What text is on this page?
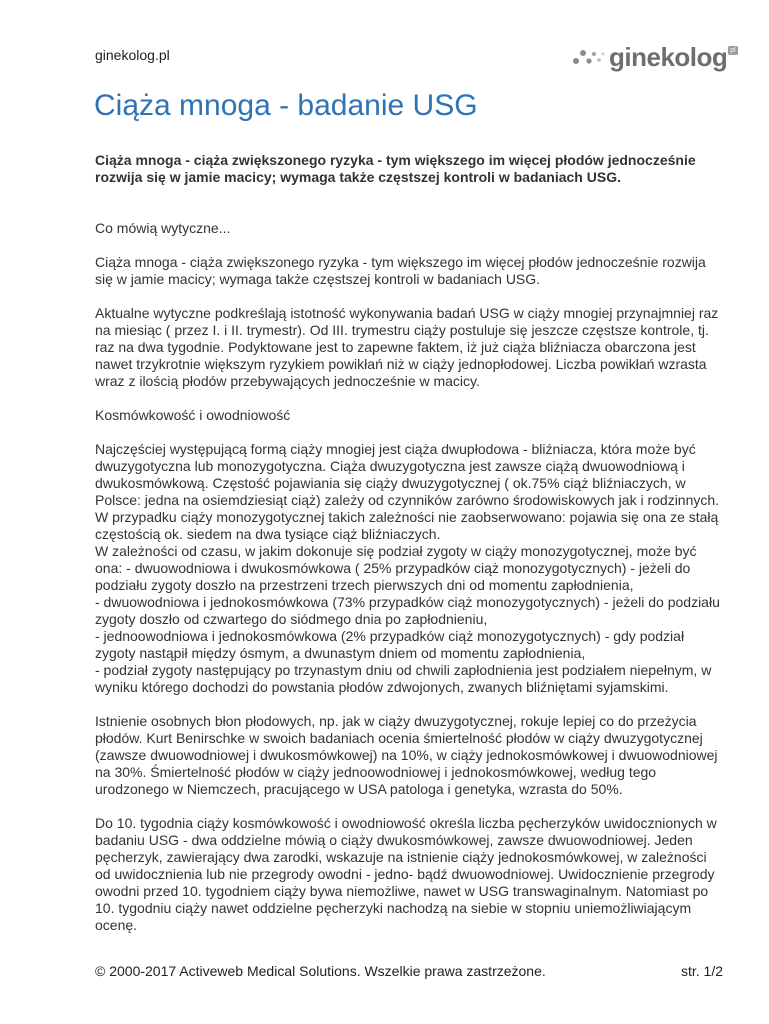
ginekolog.pl	ginekolog pl
Ciąża mnoga - badanie USG

Ciąża mnoga - ciąża zwiększonego ryzyka - tym większego im więcej płodów jednocześnie rozwija się w jamie macicy; wymaga także częstszej kontroli w badaniach USG.

Co mówią wytyczne...

Ciąża mnoga - ciąża zwiększonego ryzyka - tym większego im więcej płodów jednocześnie rozwija się w jamie macicy; wymaga także częstszej kontroli w badaniach USG.

Aktualne wytyczne podkreślają istotność wykonywania badań USG w ciąży mnogiej przynajmniej raz na miesiąc ( przez I. i II. trymestr). Od III. trymestru ciąży postuluje się jeszcze częstsze kontrole, tj. raz na dwa tygodnie. Podyktowane jest to zapewne faktem, iż już ciąża bliźniacza obarczona jest nawet trzykrotnie większym ryzykiem powikłań niż w ciąży jednopłodowej. Liczba powikłań wzrasta wraz z ilością płodów przebywających jednocześnie w macicy.

Kosmówkowość i owodniowość

Najczęściej występującą formą ciąży mnogiej jest ciąża dwupłodowa - bliźniacza, która może być dwuzygotyczna lub monozygotyczna. Ciąża dwuzygotyczna jest zawsze ciążą dwuowodniową i dwukosmówkową. Częstość pojawiania się ciąży dwuzygotycznej ( ok.75% ciąż bliźniaczych, w Polsce: jedna na osiemdziesiąt ciąż) zależy od czynników zarówno środowiskowych jak i rodzinnych. W przypadku ciąży monozygotycznej takich zależności nie zaobserwowano: pojawia się ona ze stałą częstością ok. siedem na dwa tysiące ciąż bliźniaczych.
W zależności od czasu, w jakim dokonuje się podział zygoty w ciąży monozygotycznej, może być ona: - dwuowodniowa i dwukosmówkowa ( 25% przypadków ciąż monozygotycznych) - jeżeli do podziału zygoty doszło na przestrzeni trzech pierwszych dni od momentu zapłodnienia,
- dwuowodniowa i jednokosmówkowa (73% przypadków ciąż monozygotycznych) - jeżeli do podziału zygoty doszło od czwartego do siódmego dnia po zapłodnieniu,
- jednoowodniowa i jednokosmówkowa (2% przypadków ciąż monozygotycznych) - gdy podział zygoty nastąpił między ósmym, a dwunastym dniem od momentu zapłodnienia,
- podział zygoty następujący po trzynastym dniu od chwili zapłodnienia jest podziałem niepełnym, w wyniku którego dochodzi do powstania płodów zdwojonych, zwanych bliźniętami syjamskimi.

Istnienie osobnych błon płodowych, np. jak w ciąży dwuzygotycznej, rokuje lepiej co do przeżycia płodów. Kurt Benirschke w swoich badaniach ocenia śmiertelność płodów w ciąży dwuzygotycznej (zawsze dwuowodniowej i dwukosmówkowej) na 10%, w ciąży jednokosmówkowej i dwuowodniowej na 30%. Śmiertelność płodów w ciąży jednoowodniowej i jednokosmówkowej, według tego urodzonego w Niemczech, pracującego w USA patologa i genetyka, wzrasta do 50%.

Do 10. tygodnia ciąży kosmówkowość i owodniowość określa liczba pęcherzyków uwidocznionych w badaniu USG - dwa oddzielne mówią o ciąży dwukosmówkowej, zawsze dwuowodniowej. Jeden pęcherzyk, zawierający dwa zarodki, wskazuje na istnienie ciąży jednokosmówkowej, w zależności od uwidocznienia lub nie przegrody owodni - jedno- bądź dwuowodniowej. Uwidocznienie przegrody owodni przed 10. tygodniem ciąży bywa niemożliwe, nawet w USG transwaginalnym. Natomiast po 10. tygodniu ciąży nawet oddzielne pęcherzyki nachodzą na siebie w stopniu uniemożliwiającym ocenę.

© 2000-2017 Activeweb Medical Solutions. Wszelkie prawa zastrzeżone.	str. 1/2
